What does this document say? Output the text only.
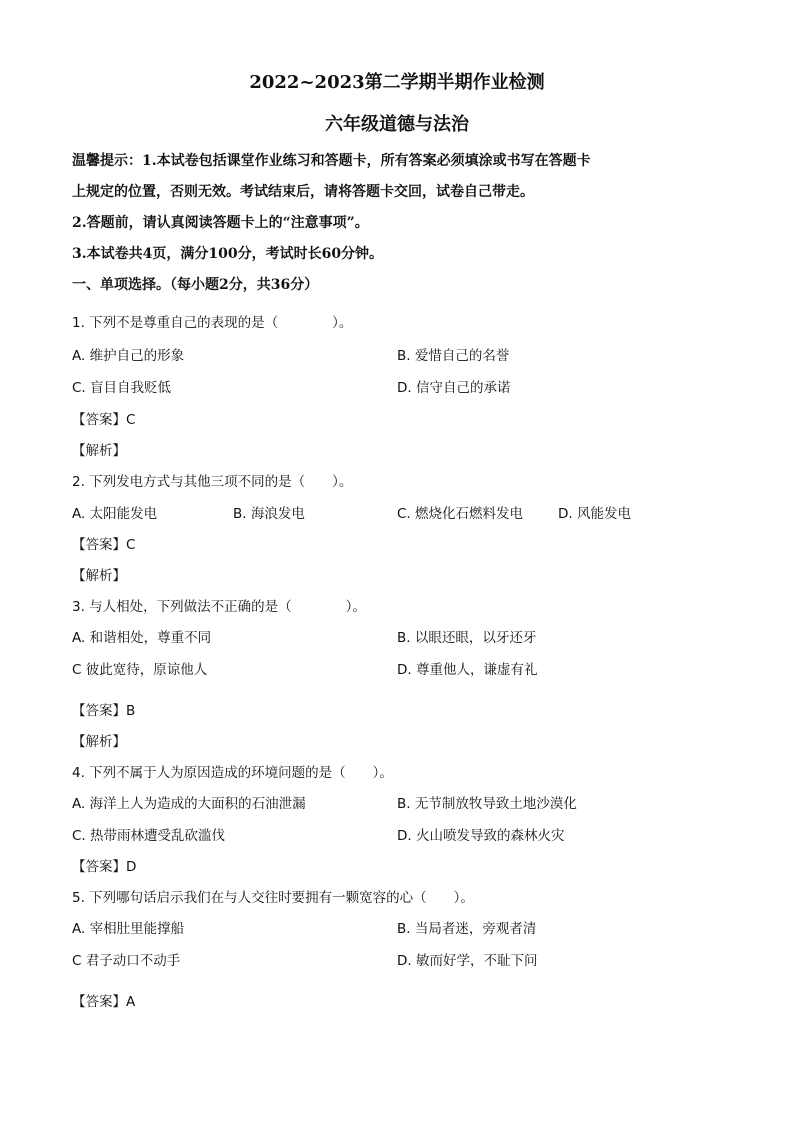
2022~2023第二学期半期作业检测
六年级道德与法治
温馨提示：1.本试卷包括课堂作业练习和答题卡，所有答案必须填涂或书写在答题卡
上规定的位置，否则无效。考试结束后，请将答题卡交回，试卷自己带走。
2.答题前，请认真阅读答题卡上的“注意事项”。
3.本试卷共4页，满分100分，考试时长60分钟。
一、单项选择。（每小题2分，共36分）
1. 下列不是尊重自己的表现的是（　　　　）。
A. 维护自己的形象	B. 爱惜自己的名誉
C. 盲目自我贬低	D. 信守自己的承诺
【答案】C
【解析】
2. 下列发电方式与其他三项不同的是（　　）。
A. 太阳能发电	B. 海浪发电	C. 燃烧化石燃料发电	D. 风能发电
【答案】C
【解析】
3. 与人相处，下列做法不正确的是（　　　　）。
A. 和谐相处，尊重不同	B. 以眼还眼，以牙还牙
C 彼此宽待，原谅他人	D. 尊重他人，谦虚有礼
【答案】B
【解析】
4. 下列不属于人为原因造成的环境问题的是（　　）。
A. 海洋上人为造成的大面积的石油泄漏	B. 无节制放牧导致土地沙漠化
C. 热带雨林遭受乱砍滥伐	D. 火山喷发导致的森林火灾
【答案】D
5. 下列哪句话启示我们在与人交往时要拥有一颗宽容的心（　　）。
A. 宰相肚里能撑船	B. 当局者迷，旁观者清
C 君子动口不动手	D. 敏而好学，不耻下问
【答案】A
